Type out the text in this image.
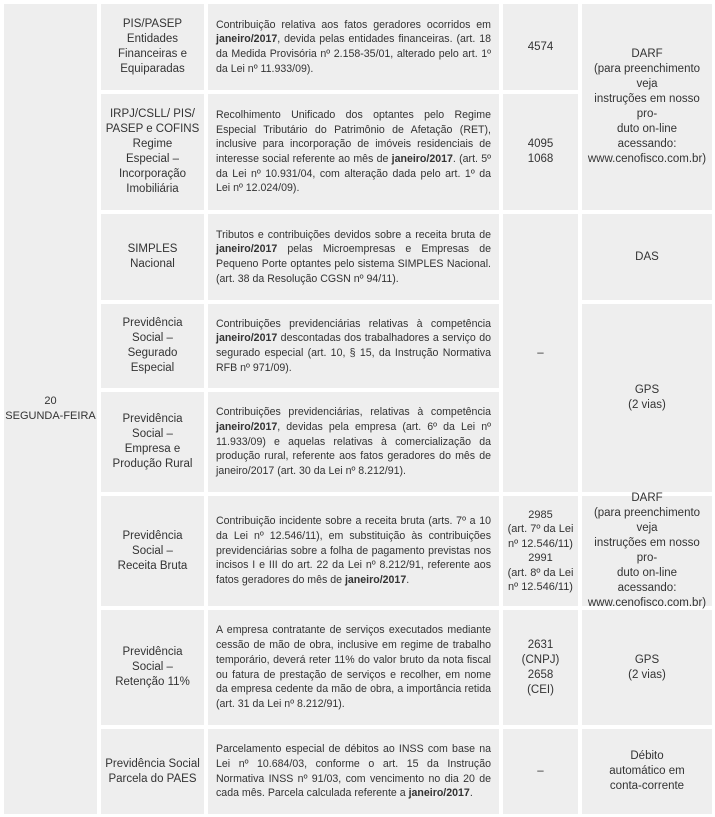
20
SEGUNDA-FEIRA
PIS/PASEP
Entidades
Financeiras e
Equiparadas
Contribuição relativa aos fatos geradores ocorridos em janeiro/2017, devida pelas entidades financeiras. (art. 18 da Medida Provisória nº 2.158-35/01, alterado pelo art. 1º da Lei nº 11.933/09).
4574
IRPJ/CSLL/ PIS/
PASEP e COFINS
Regime
Especial –
Incorporação
Imobiliária
Recolhimento Unificado dos optantes pelo Regime Especial Tributário do Patrimônio de Afetação (RET), inclusive para incorporação de imóveis residenciais de interesse social referente ao mês de janeiro/2017. (art. 5º da Lei nº 10.931/04, com alteração dada pelo art. 1º da Lei nº 12.024/09).
4095
1068
DARF
(para preenchimento veja
instruções em nosso pro-
duto on-line acessando:
www.cenofisco.com.br)
SIMPLES
Nacional
Tributos e contribuições devidos sobre a receita bruta de janeiro/2017 pelas Microempresas e Empresas de Pequeno Porte optantes pelo sistema SIMPLES Nacional. (art. 38 da Resolução CGSN nº 94/11).
DAS
–
Previdência
Social –
Segurado
Especial
Contribuições previdenciárias relativas à competência janeiro/2017 descontadas dos trabalhadores a serviço do segurado especial (art. 10, § 15, da Instrução Normativa RFB nº 971/09).
Previdência
Social –
Empresa e
Produção Rural
Contribuições previdenciárias, relativas à competência janeiro/2017, devidas pela empresa (art. 6º da Lei nº 11.933/09) e aquelas relativas à comercialização da produção rural, referente aos fatos geradores do mês de janeiro/2017 (art. 30 da Lei nº 8.212/91).
GPS
(2 vias)
Previdência
Social –
Receita Bruta
Contribuição incidente sobre a receita bruta (arts. 7º a 10 da Lei nº 12.546/11), em substituição às contribuições previdenciárias sobre a folha de pagamento previstas nos incisos I e III do art. 22 da Lei nº 8.212/91, referente aos fatos geradores do mês de janeiro/2017.
2985
(art. 7º da Lei
nº 12.546/11)
2991
(art. 8º da Lei
nº 12.546/11)
DARF
(para preenchimento veja
instruções em nosso pro-
duto on-line acessando:
www.cenofisco.com.br)
Previdência
Social –
Retenção 11%
A empresa contratante de serviços executados mediante cessão de mão de obra, inclusive em regime de trabalho temporário, deverá reter 11% do valor bruto da nota fiscal ou fatura de prestação de serviços e recolher, em nome da empresa cedente da mão de obra, a importância retida (art. 31 da Lei nº 8.212/91).
2631
(CNPJ)
2658
(CEI)
GPS
(2 vias)
Previdência Social
Parcela do PAES
Parcelamento especial de débitos ao INSS com base na Lei nº 10.684/03, conforme o art. 15 da Instrução Normativa INSS nº 91/03, com vencimento no dia 20 de cada mês. Parcela calculada referente a janeiro/2017.
–
Débito
automático em
conta-corrente
